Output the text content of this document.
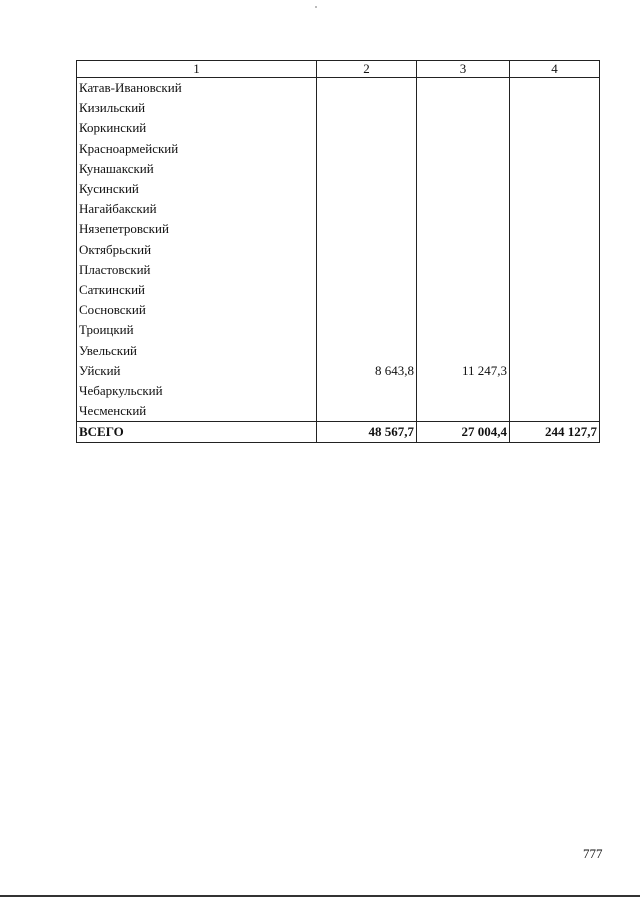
1	2	3	4
Катав-Ивановский			
Кизильский			
Коркинский			
Красноармейский			
Кунашакский			
Кусинский			
Нагайбакский			
Нязепетровский			
Октябрьский			
Пластовский			
Саткинский			
Сосновский			
Троицкий			
Увельский			
Уйский	8 643,8	11 247,3	
Чебаркульский			
Чесменский			
ВСЕГО	48 567,7	27 004,4	244 127,7
777
